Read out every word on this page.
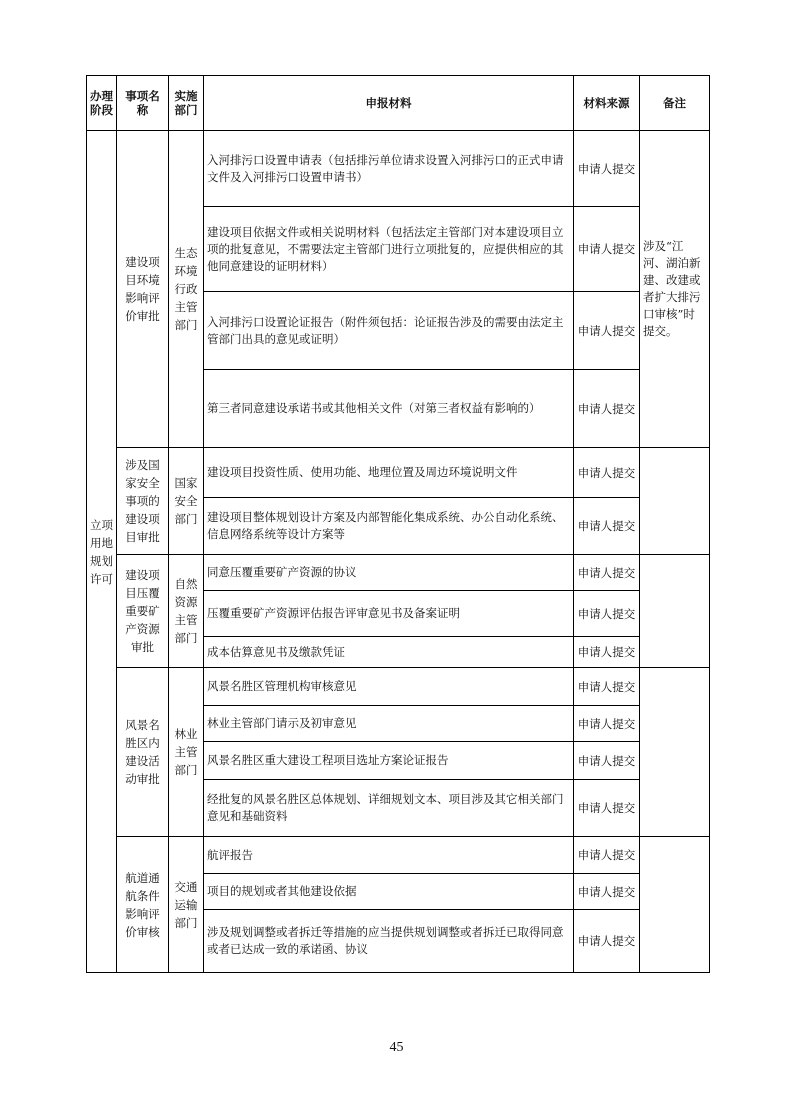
办理阶段	事项名称	实施部门	申报材料	材料来源	备注
立项用地规划许可	建设项目环境影响评价审批	生态环境行政主管部门	入河排污口设置申请表（包括排污单位请求设置入河排污口的正式申请文件及入河排污口设置申请书）	申请人提交	涉及“江河、湖泊新建、改建或者扩大排污口审核”时提交。
			建设项目依据文件或相关说明材料（包括法定主管部门对本建设项目立项的批复意见，不需要法定主管部门进行立项批复的，应提供相应的其他同意建设的证明材料）	申请人提交	
			入河排污口设置论证报告（附件须包括：论证报告涉及的需要由法定主管部门出具的意见或证明）	申请人提交	
			第三者同意建设承诺书或其他相关文件（对第三者权益有影响的）	申请人提交	
	涉及国家安全事项的建设项目审批	国家安全部门	建设项目投资性质、使用功能、地理位置及周边环境说明文件	申请人提交	
			建设项目整体规划设计方案及内部智能化集成系统、办公自动化系统、信息网络系统等设计方案等	申请人提交	
	建设项目压覆重要矿产资源审批	自然资源主管部门	同意压覆重要矿产资源的协议	申请人提交	
			压覆重要矿产资源评估报告评审意见书及备案证明	申请人提交	
			成本估算意见书及缴款凭证	申请人提交	
	风景名胜区内建设活动审批	林业主管部门	风景名胜区管理机构审核意见	申请人提交	
			林业主管部门请示及初审意见	申请人提交	
			风景名胜区重大建设工程项目选址方案论证报告	申请人提交	
			经批复的风景名胜区总体规划、详细规划文本、项目涉及其它相关部门意见和基础资料	申请人提交	
	航道通航条件影响评价审核	交通运输部门	航评报告	申请人提交	
			项目的规划或者其他建设依据	申请人提交	
			涉及规划调整或者拆迁等措施的应当提供规划调整或者拆迁已取得同意或者已达成一致的承诺函、协议	申请人提交	
45
